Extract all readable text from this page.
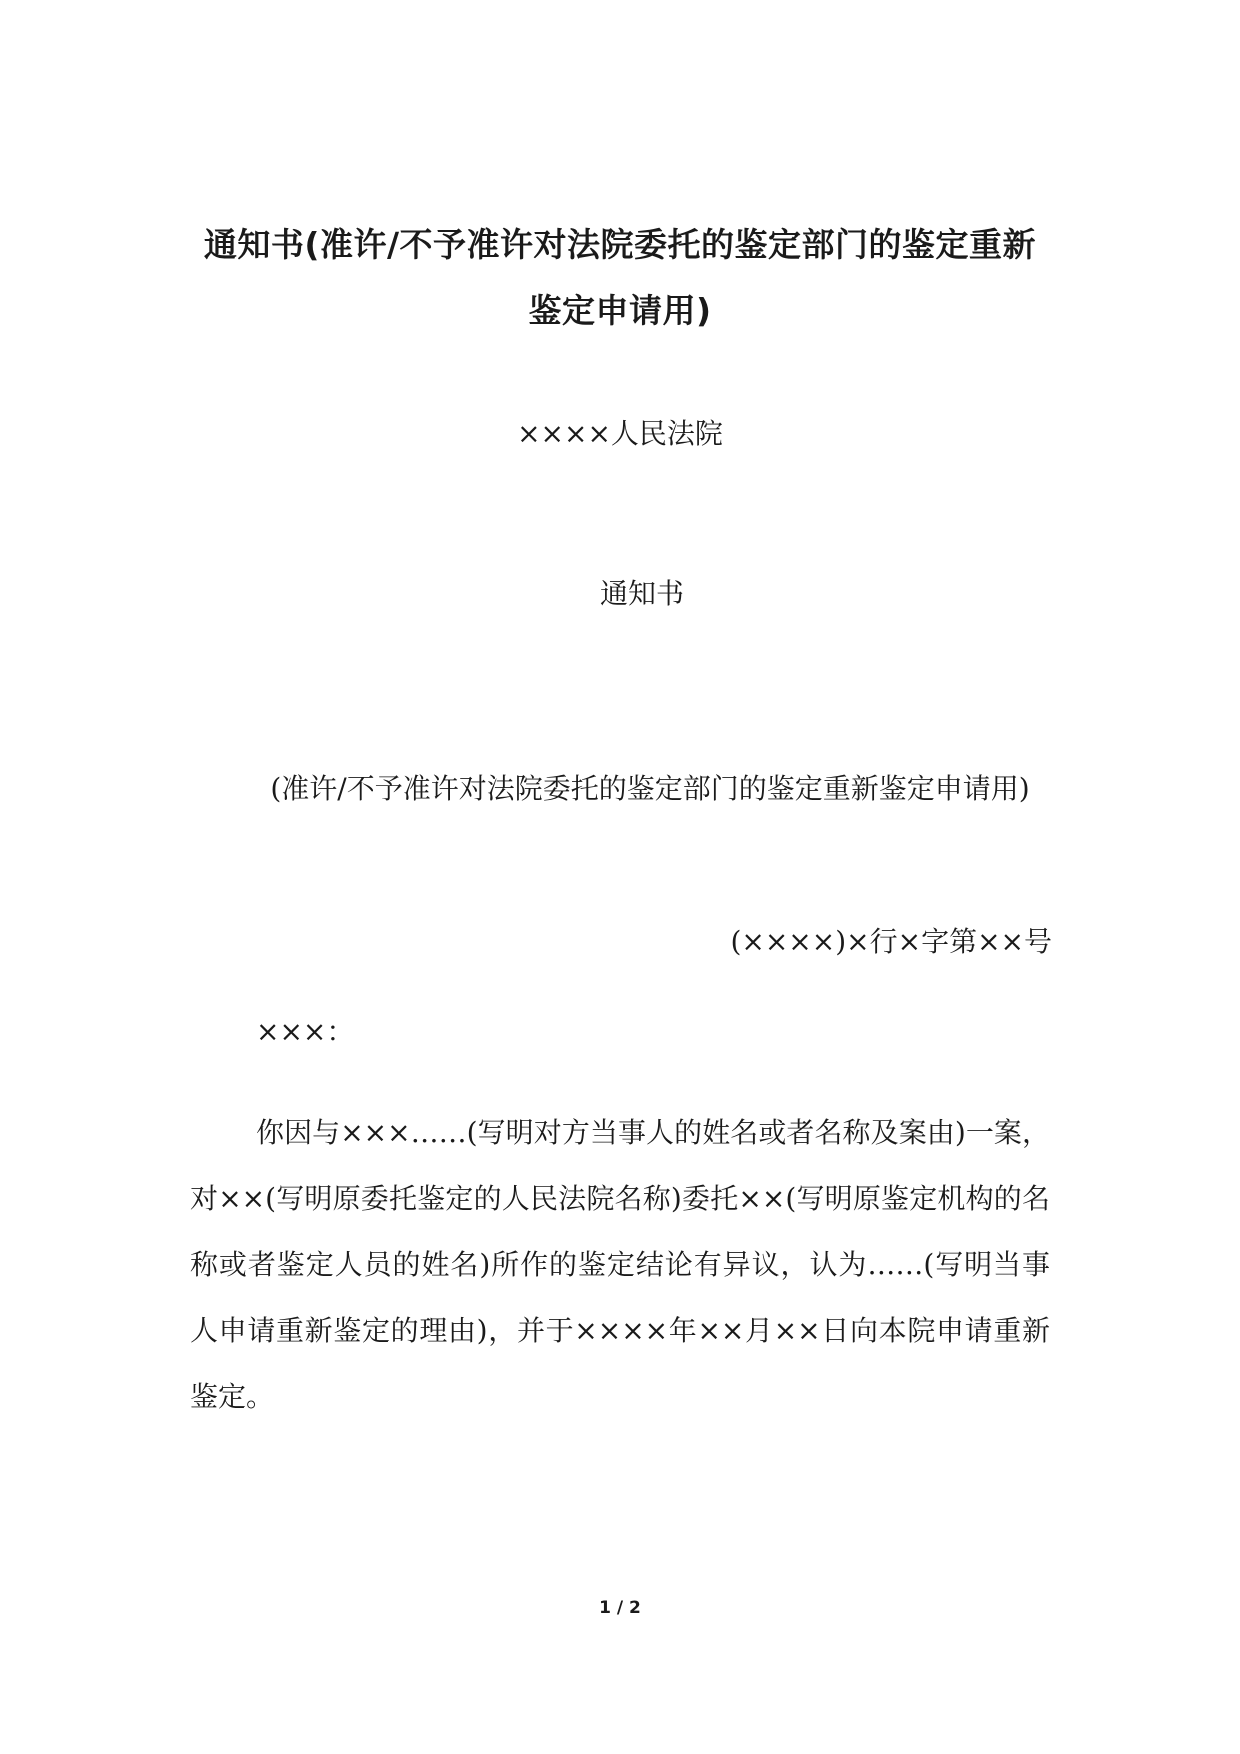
通知书(准许/不予准许对法院委托的鉴定部门的鉴定重新鉴定申请用)
××××人民法院
通知书
(准许/不予准许对法院委托的鉴定部门的鉴定重新鉴定申请用)
(××××)×行×字第××号
×××：
你因与×××……(写明对方当事人的姓名或者名称及案由)一案，对××(写明原委托鉴定的人民法院名称)委托××(写明原鉴定机构的名称或者鉴定人员的姓名)所作的鉴定结论有异议，认为……(写明当事人申请重新鉴定的理由)，并于××××年××月××日向本院申请重新鉴定。
1 / 2
